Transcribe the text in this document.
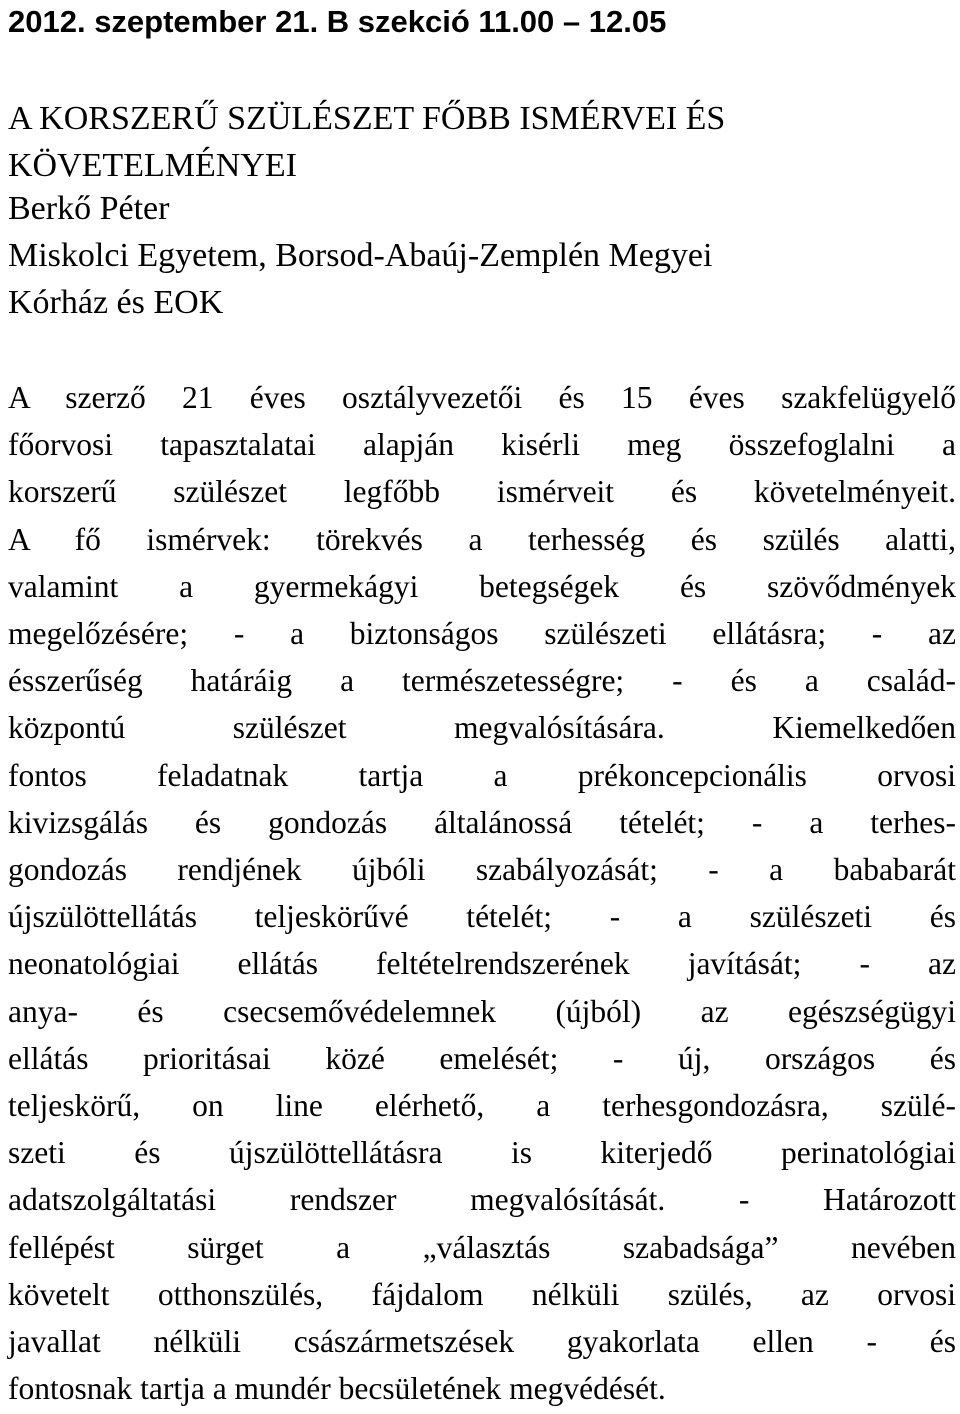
2012. szeptember 21. B szekció 11.00 – 12.05
A KORSZERŰ SZÜLÉSZET FŐBB ISMÉRVEI ÉS
KÖVETELMÉNYEI
Berkő Péter
Miskolci Egyetem, Borsod-Abaúj-Zemplén Megyei
Kórház és EOK
A szerző 21 éves osztályvezetői és 15 éves szakfelügyelő
főorvosi tapasztalatai alapján kisérli meg összefoglalni a
korszerű szülészet legfőbb ismérveit és követelményeit.
A fő ismérvek: törekvés a terhesség és szülés alatti,
valamint a gyermekágyi betegségek és szövődmények
megelőzésére; - a biztonságos szülészeti ellátásra; - az
ésszerűség határáig a természetességre; - és a család-
központú szülészet megvalósítására. Kiemelkedően
fontos feladatnak tartja a prékoncepcionális orvosi
kivizsgálás és gondozás általánossá tételét; - a terhes-
gondozás rendjének újbóli szabályozását; - a bababarát
újszülöttellátás teljeskörűvé tételét; - a szülészeti és
neonatológiai ellátás feltételrendszerének javítását; - az
anya- és csecsemővédelemnek (újból) az egészségügyi
ellátás prioritásai közé emelését; - új, országos és
teljeskörű, on line elérhető, a terhesgondozásra, szülé-
szeti és újszülöttellátásra is kiterjedő perinatológiai
adatszolgáltatási rendszer megvalósítását. - Határozott
fellépést sürget a „választás szabadsága” nevében
követelt otthonszülés, fájdalom nélküli szülés, az orvosi
javallat nélküli császármetszések gyakorlata ellen - és
fontosnak tartja a mundér becsületének megvédését.
